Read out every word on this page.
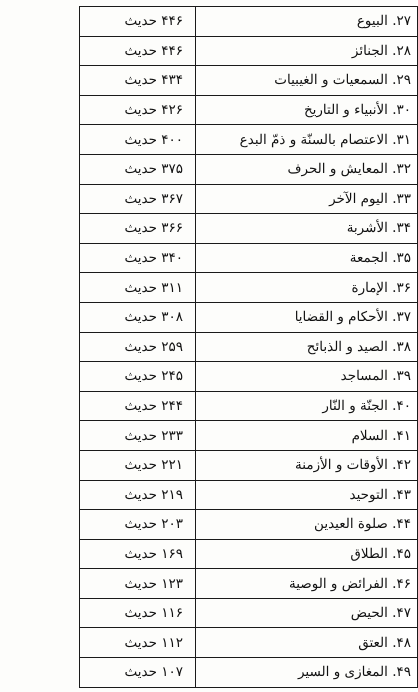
۲۷. البیوع	۴۴۶ حدیث
۲۸. الجنائز	۴۴۶ حدیث
۲۹. السمعیات و الغیبیات	۴۳۴ حدیث
۳۰. الأنبیاء و التاریخ	۴۲۶ حدیث
۳۱. الاعتصام بالسنّة و ذمّ البدع	۴۰۰ حدیث
۳۲. المعایش و الحرف	۳۷۵ حدیث
۳۳. الیوم الآخر	۳۶۷ حدیث
۳۴. الأشربة	۳۶۶ حدیث
۳۵. الجمعة	۳۴۰ حدیث
۳۶. الإمارة	۳۱۱ حدیث
۳۷. الأحکام و القضایا	۳۰۸ حدیث
۳۸. الصید و الذبائح	۲۵۹ حدیث
۳۹. المساجد	۲۴۵ حدیث
۴۰. الجنّة و النّار	۲۴۴ حدیث
۴۱. السلام	۲۳۳ حدیث
۴۲. الأوقات و الأزمنة	۲۲۱ حدیث
۴۳. التوحید	۲۱۹ حدیث
۴۴. صلوة العیدین	۲۰۳ حدیث
۴۵. الطلاق	۱۶۹ حدیث
۴۶. الفرائض و الوصیة	۱۲۳ حدیث
۴۷. الحیض	۱۱۶ حدیث
۴۸. العتق	۱۱۲ حدیث
۴۹. المغازی و السیر	۱۰۷ حدیث
